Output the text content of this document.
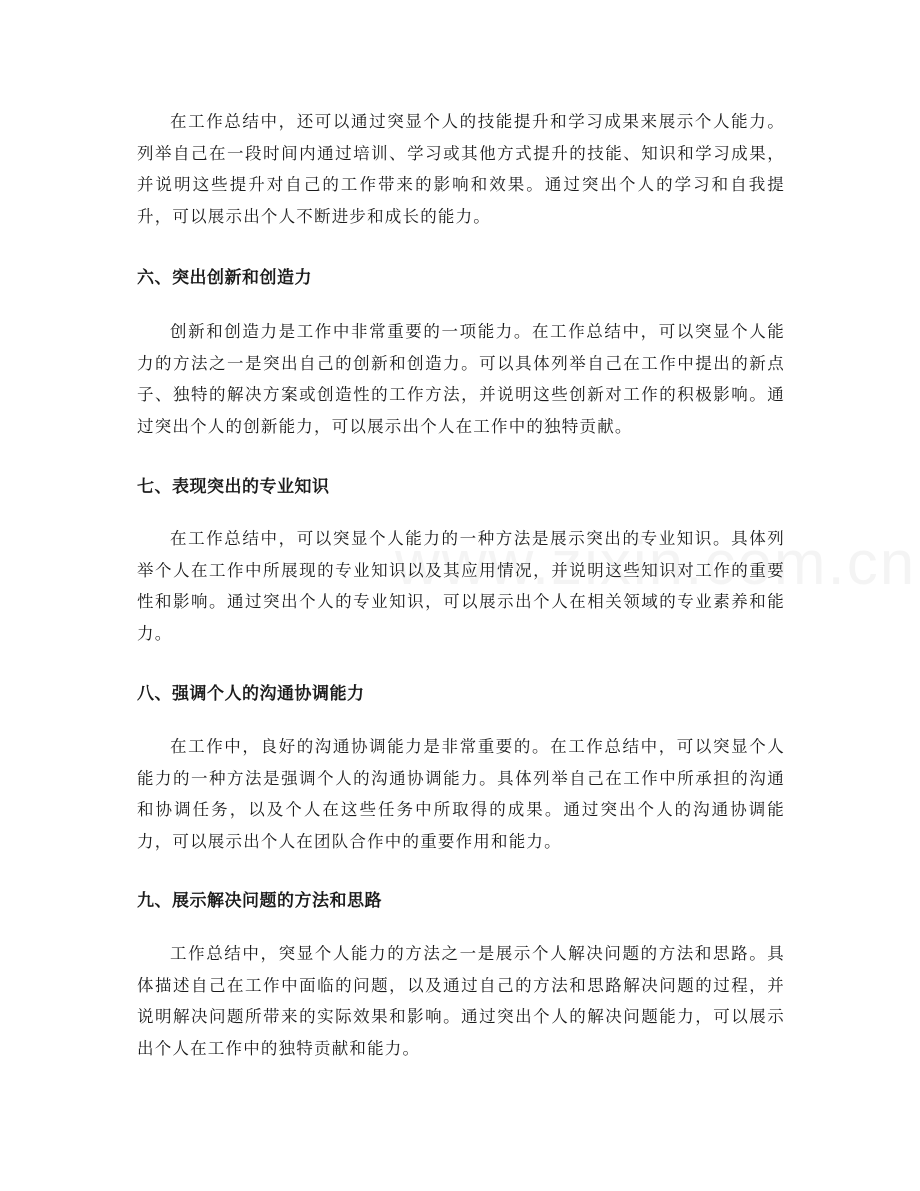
在工作总结中，还可以通过突显个人的技能提升和学习成果来展示个人能力。列举自己在一段时间内通过培训、学习或其他方式提升的技能、知识和学习成果，并说明这些提升对自己的工作带来的影响和效果。通过突出个人的学习和自我提升，可以展示出个人不断进步和成长的能力。

六、突出创新和创造力

创新和创造力是工作中非常重要的一项能力。在工作总结中，可以突显个人能力的方法之一是突出自己的创新和创造力。可以具体列举自己在工作中提出的新点子、独特的解决方案或创造性的工作方法，并说明这些创新对工作的积极影响。通过突出个人的创新能力，可以展示出个人在工作中的独特贡献。

七、表现突出的专业知识

在工作总结中，可以突显个人能力的一种方法是展示突出的专业知识。具体列举个人在工作中所展现的专业知识以及其应用情况，并说明这些知识对工作的重要性和影响。通过突出个人的专业知识，可以展示出个人在相关领域的专业素养和能力。

八、强调个人的沟通协调能力

在工作中，良好的沟通协调能力是非常重要的。在工作总结中，可以突显个人能力的一种方法是强调个人的沟通协调能力。具体列举自己在工作中所承担的沟通和协调任务，以及个人在这些任务中所取得的成果。通过突出个人的沟通协调能力，可以展示出个人在团队合作中的重要作用和能力。

九、展示解决问题的方法和思路

工作总结中，突显个人能力的方法之一是展示个人解决问题的方法和思路。具体描述自己在工作中面临的问题，以及通过自己的方法和思路解决问题的过程，并说明解决问题所带来的实际效果和影响。通过突出个人的解决问题能力，可以展示出个人在工作中的独特贡献和能力。
